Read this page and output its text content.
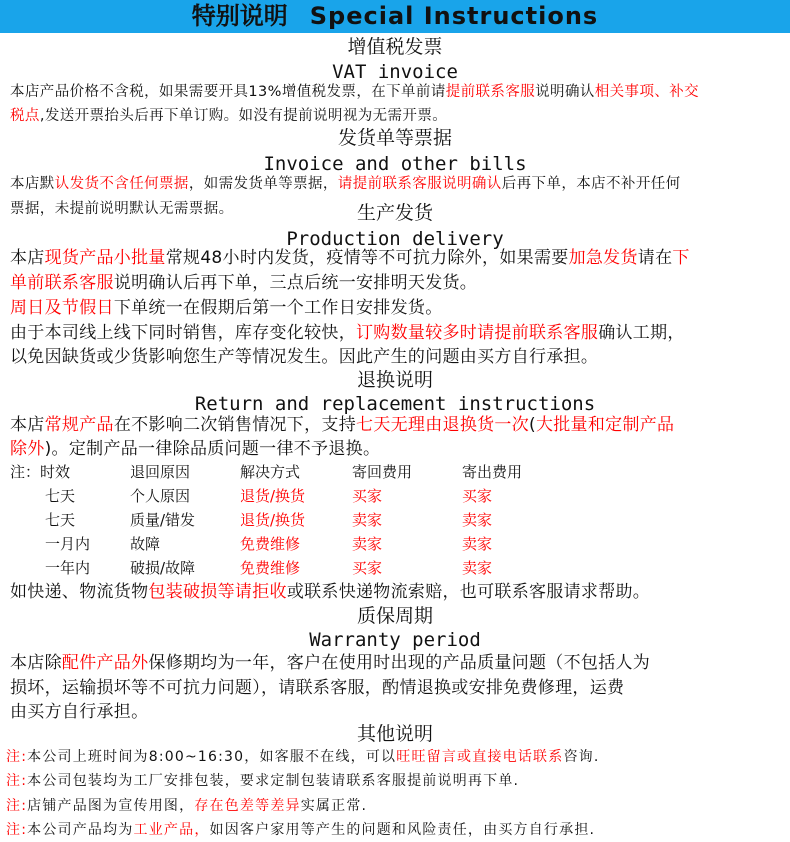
特别说明 Special Instructions
增值税发票
VAT invoice
本店产品价格不含税，如果需要开具13%增值税发票，在下单前请提前联系客服说明确认相关事项、补交
税点,发送开票抬头后再下单订购。如没有提前说明视为无需开票。
发货单等票据
Invoice and other bills
本店默认发货不含任何票据，如需发货单等票据，请提前联系客服说明确认后再下单，本店不补开任何
票据，未提前说明默认无需票据。	生产发货
Production delivery
本店现货产品小批量常规48小时内发货，疫情等不可抗力除外，如果需要加急发货请在下
单前联系客服说明确认后再下单，三点后统一安排明天发货。
周日及节假日下单统一在假期后第一个工作日安排发货。
由于本司线上线下同时销售，库存变化较快，订购数量较多时请提前联系客服确认工期，
以免因缺货或少货影响您生产等情况发生。因此产生的问题由买方自行承担。
退换说明
Return and replacement instructions
本店常规产品在不影响二次销售情况下，支持七天无理由退换货一次(大批量和定制产品
除外)。定制产品一律除品质问题一律不予退换。
如快递、物流货物包装破损等请拒收或联系快递物流索赔，也可联系客服请求帮助。
质保周期
Warranty period
本店除配件产品外保修期均为一年，客户在使用时出现的产品质量问题（不包括人为
损坏，运输损坏等不可抗力问题），请联系客服，酌情退换或安排免费修理，运费
由买方自行承担。
其他说明
注:本公司上班时间为8:00~16:30，如客服不在线，可以旺旺留言或直接电话联系咨询.
注:本公司包装均为工厂安排包装，要求定制包装请联系客服提前说明再下单.
注:店铺产品图为宣传用图，存在色差等差异实属正常.
注:本公司产品均为工业产品，如因客户家用等产生的问题和风险责任，由买方自行承担.
注：时效	退回原因	解决方式	寄回费用	寄出费用
七天	个人原因	退货/换货	买家	买家
七天	质量/错发	退货/换货	卖家	卖家
一月内	故障	免费维修	卖家	卖家
一年内	破损/故障	免费维修	买家	卖家
